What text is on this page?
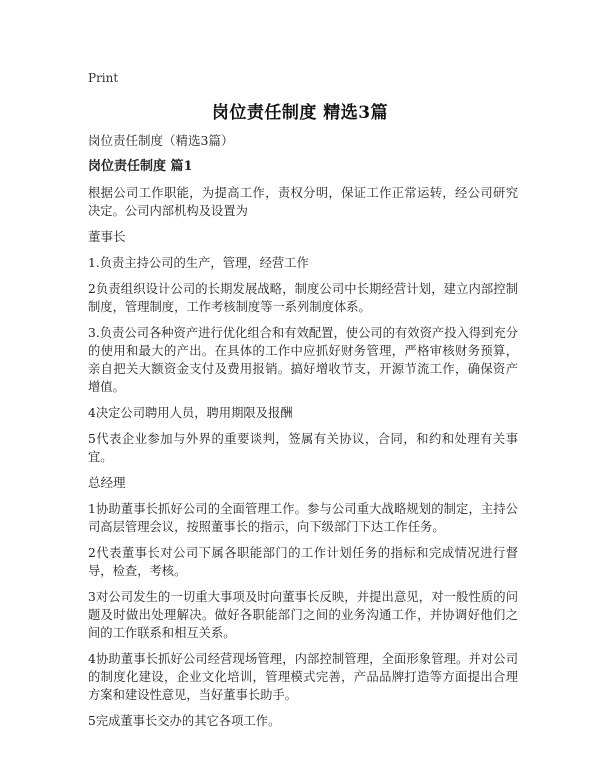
Print
岗位责任制度 精选3篇

岗位责任制度（精选3篇）

岗位责任制度 篇1

根据公司工作职能，为提高工作，责权分明，保证工作正常运转，经公司研究决定。公司内部机构及设置为

董事长

1.负责主持公司的生产，管理，经营工作

2负责组织设计公司的长期发展战略，制度公司中长期经营计划，建立内部控制制度，管理制度，工作考核制度等一系列制度体系。

3.负责公司各种资产进行优化组合和有效配置，使公司的有效资产投入得到充分的使用和最大的产出。在具体的工作中应抓好财务管理，严格审核财务预算，亲自把关大额资金支付及费用报销。搞好增收节支，开源节流工作，确保资产增值。

4决定公司聘用人员，聘用期限及报酬

5代表企业参加与外界的重要谈判，签属有关协议，合同，和约和处理有关事宜。

总经理

1协助董事长抓好公司的全面管理工作。参与公司重大战略规划的制定，主持公司高层管理会议，按照董事长的指示，向下级部门下达工作任务。

2代表董事长对公司下属各职能部门的工作计划任务的指标和完成情况进行督导，检查，考核。

3对公司发生的一切重大事项及时向董事长反映，并提出意见，对一般性质的问题及时做出处理解决。做好各职能部门之间的业务沟通工作，并协调好他们之间的工作联系和相互关系。

4协助董事长抓好公司经营现场管理，内部控制管理，全面形象管理。并对公司的制度化建设，企业文化培训，管理模式完善，产品品牌打造等方面提出合理方案和建设性意见，当好董事长助手。

5完成董事长交办的其它各项工作。
